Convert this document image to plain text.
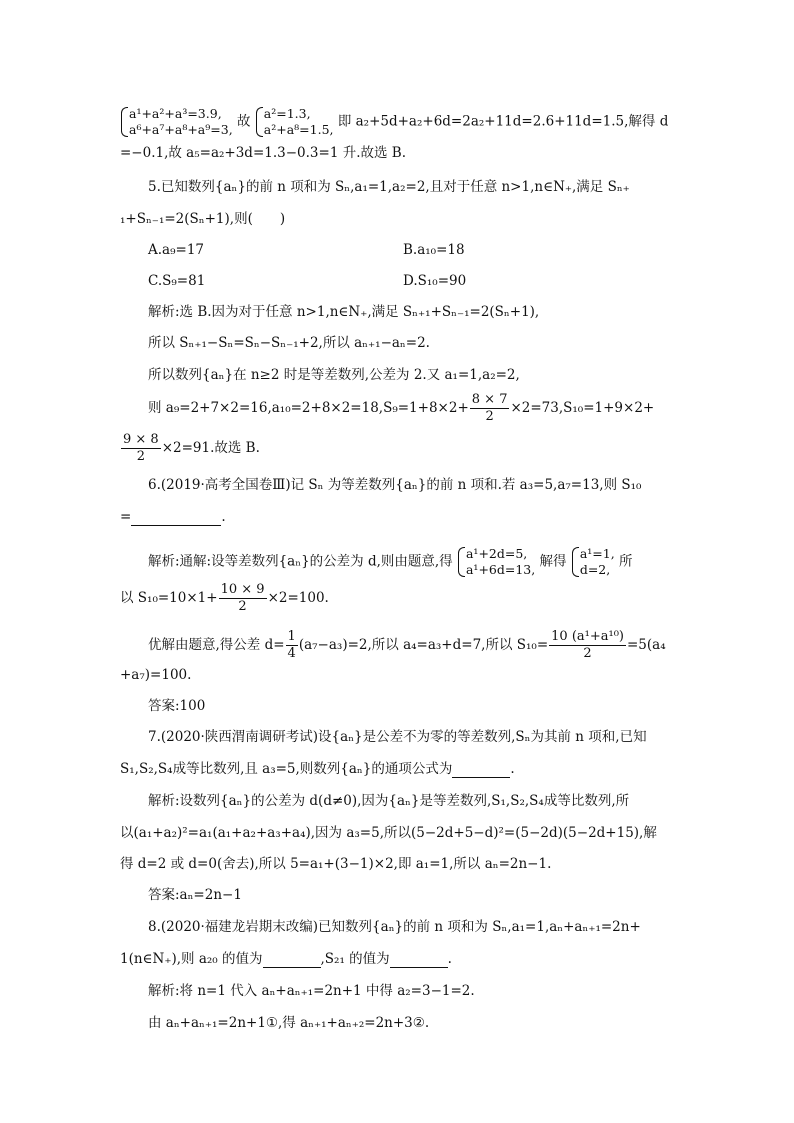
a¹+a²+a³=3.9,
a⁶+a⁷+a⁸+a⁹=3, 故 a²=1.3,
a²+a⁸=1.5, 即 a₂+5d+a₂+6d=2a₂+11d=2.6+11d=1.5,解得 d
=−0.1,故 a₅=a₂+3d=1.3−0.3=1 升.故选 B.
5.已知数列{aₙ}的前 n 项和为 Sₙ,a₁=1,a₂=2,且对于任意 n>1,n∈N₊,满足 Sₙ₊
₁+Sₙ₋₁=2(Sₙ+1),则(　　)
A.a₉=17	B.a₁₀=18
C.S₉=81	D.S₁₀=90
解析:选 B.因为对于任意 n>1,n∈N₊,满足 Sₙ₊₁+Sₙ₋₁=2(Sₙ+1),
所以 Sₙ₊₁−Sₙ=Sₙ−Sₙ₋₁+2,所以 aₙ₊₁−aₙ=2.
所以数列{aₙ}在 n≥2 时是等差数列,公差为 2.又 a₁=1,a₂=2,
则 $a_9=2+7\times 2=16,a_{10}=2+8\times 2=18,S_9=1+8\times 2+ \frac{8 \times 7}{2} \times 2=73,S_{10}=1+9\times 2+$
$\frac{9 \times 8}{2} \times 2=91$.故选 B.
6.(2019·高考全国卷Ⅲ)记 Sₙ 为等差数列{aₙ}的前 n 项和.若 a₃=5,a₇=13,则 S₁₀
=	.
解析:通解:设等差数列{aₙ}的公差为 d,则由题意,得 a¹+2d=5,
a¹+6d=13, 解得 a¹=1,
d=2, 所
以 $S_{10}=10\times 1+ \frac{10 \times 9}{2} \times 2=100$.
优解由题意,得公差 $d= \frac{1}{4} (a_7-a_3)=2$,所以 a₄=a₃+d=7,所以 $S_{10}= \frac{\text{10 (a¹+a¹⁰)}}{2} =5(a_4$
+a₇)=100.
答案:100
7.(2020·陕西渭南调研考试)设{aₙ}是公差不为零的等差数列,Sₙ为其前 n 项和,已知
S₁,S₂,S₄成等比数列,且 a₃=5,则数列{aₙ}的通项公式为	.
解析:设数列{aₙ}的公差为 d(d≠0),因为{aₙ}是等差数列,S₁,S₂,S₄成等比数列,所
以(a₁+a₂)²=a₁(a₁+a₂+a₃+a₄),因为 a₃=5,所以(5−2d+5−d)²=(5−2d)(5−2d+15),解
得 d=2 或 d=0(舍去),所以 5=a₁+(3−1)×2,即 a₁=1,所以 aₙ=2n−1.
答案:aₙ=2n−1
8.(2020·福建龙岩期末改编)已知数列{aₙ}的前 n 项和为 Sₙ,a₁=1,aₙ+aₙ₊₁=2n+
1(n∈N₊),则 a₂₀ 的值为	,S₂₁ 的值为	.
解析:将 n=1 代入 aₙ+aₙ₊₁=2n+1 中得 a₂=3−1=2.
由 aₙ+aₙ₊₁=2n+1①,得 aₙ₊₁+aₙ₊₂=2n+3②.
